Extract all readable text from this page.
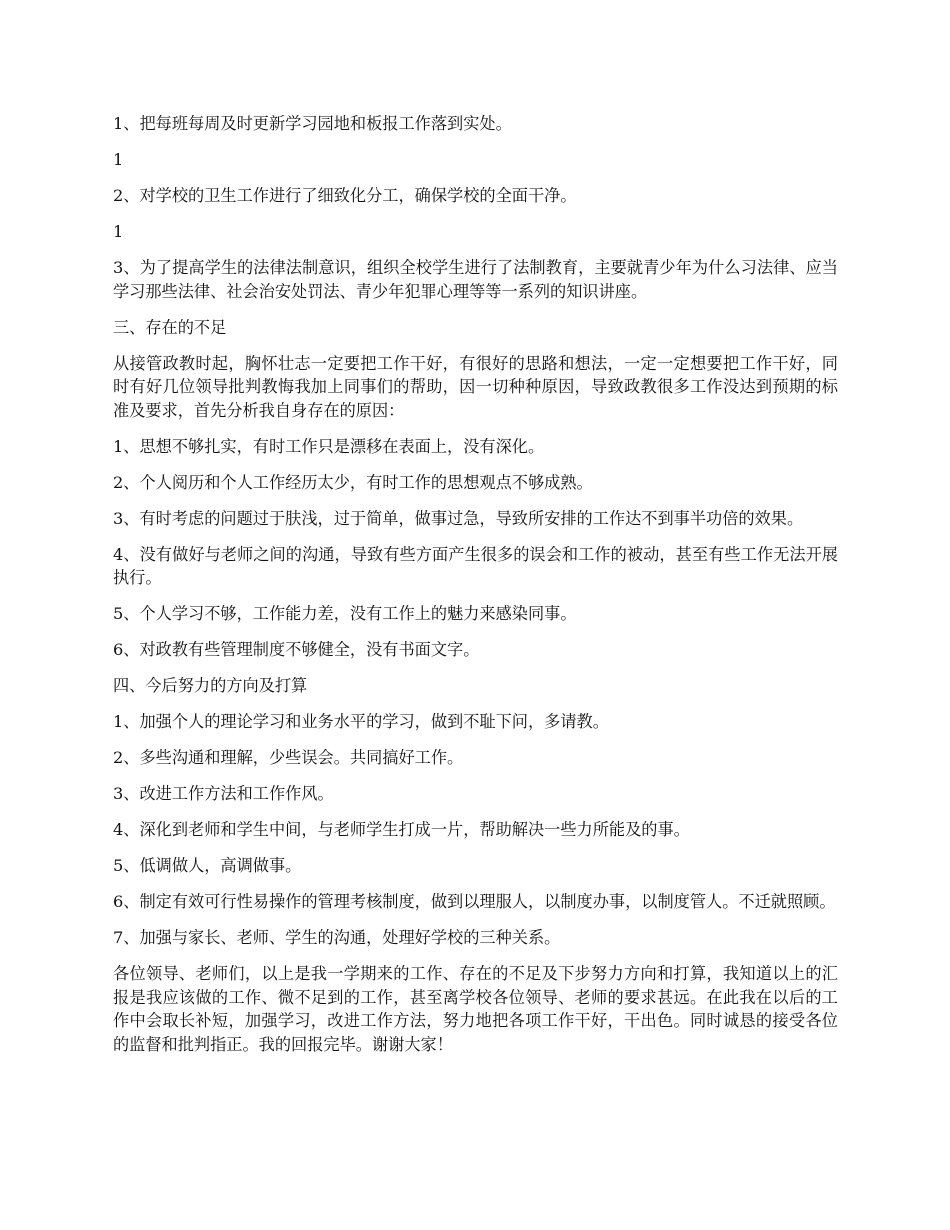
1、把每班每周及时更新学习园地和板报工作落到实处。

1

2、对学校的卫生工作进行了细致化分工，确保学校的全面干净。

1

3、为了提高学生的法律法制意识，组织全校学生进行了法制教育，主要就青少年为什么习法律、应当学习那些法律、社会治安处罚法、青少年犯罪心理等等一系列的知识讲座。

三、存在的不足

从接管政教时起，胸怀壮志一定要把工作干好，有很好的思路和想法，一定一定想要把工作干好，同时有好几位领导批判教悔我加上同事们的帮助，因一切种种原因，导致政教很多工作没达到预期的标准及要求，首先分析我自身存在的原因：

1、思想不够扎实，有时工作只是漂移在表面上，没有深化。

2、个人阅历和个人工作经历太少，有时工作的思想观点不够成熟。

3、有时考虑的问题过于肤浅，过于简单，做事过急，导致所安排的工作达不到事半功倍的效果。

4、没有做好与老师之间的沟通，导致有些方面产生很多的误会和工作的被动，甚至有些工作无法开展执行。

5、个人学习不够，工作能力差，没有工作上的魅力来感染同事。

6、对政教有些管理制度不够健全，没有书面文字。

四、今后努力的方向及打算

1、加强个人的理论学习和业务水平的学习，做到不耻下问，多请教。

2、多些沟通和理解，少些误会。共同搞好工作。

3、改进工作方法和工作作风。

4、深化到老师和学生中间，与老师学生打成一片，帮助解决一些力所能及的事。

5、低调做人，高调做事。

6、制定有效可行性易操作的管理考核制度，做到以理服人，以制度办事，以制度管人。不迁就照顾。

7、加强与家长、老师、学生的沟通，处理好学校的三种关系。

各位领导、老师们，以上是我一学期来的工作、存在的不足及下步努力方向和打算，我知道以上的汇报是我应该做的工作、微不足到的工作，甚至离学校各位领导、老师的要求甚远。在此我在以后的工作中会取长补短，加强学习，改进工作方法，努力地把各项工作干好，干出色。同时诚恳的接受各位的监督和批判指正。我的回报完毕。谢谢大家！
